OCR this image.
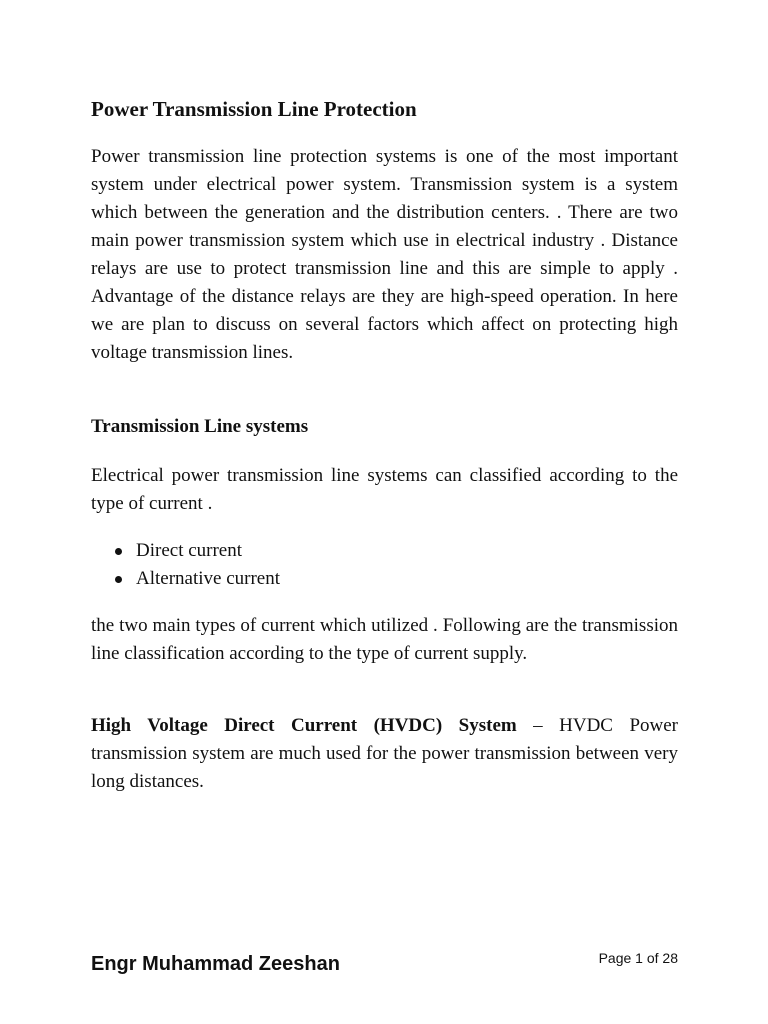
Power Transmission Line Protection

Power transmission line protection systems is one of the most important system under electrical power system. Transmission system is a system which between the generation and the distribution centers. . There are two main power transmission system which use in electrical industry . Distance relays are use to protect transmission line and this are simple to apply . Advantage of the distance relays are they are high-speed operation. In here we are plan to discuss on several factors which affect on protecting high voltage transmission lines.

Transmission Line systems

Electrical power transmission line systems can classified according to the type of current .

Direct current
Alternative current

the two main types of current which utilized . Following are the transmission line classification according to the type of current supply.

High Voltage Direct Current (HVDC) System – HVDC Power transmission system are much used for the power transmission between very long distances.

Engr Muhammad Zeeshan	Page 1 of 28
